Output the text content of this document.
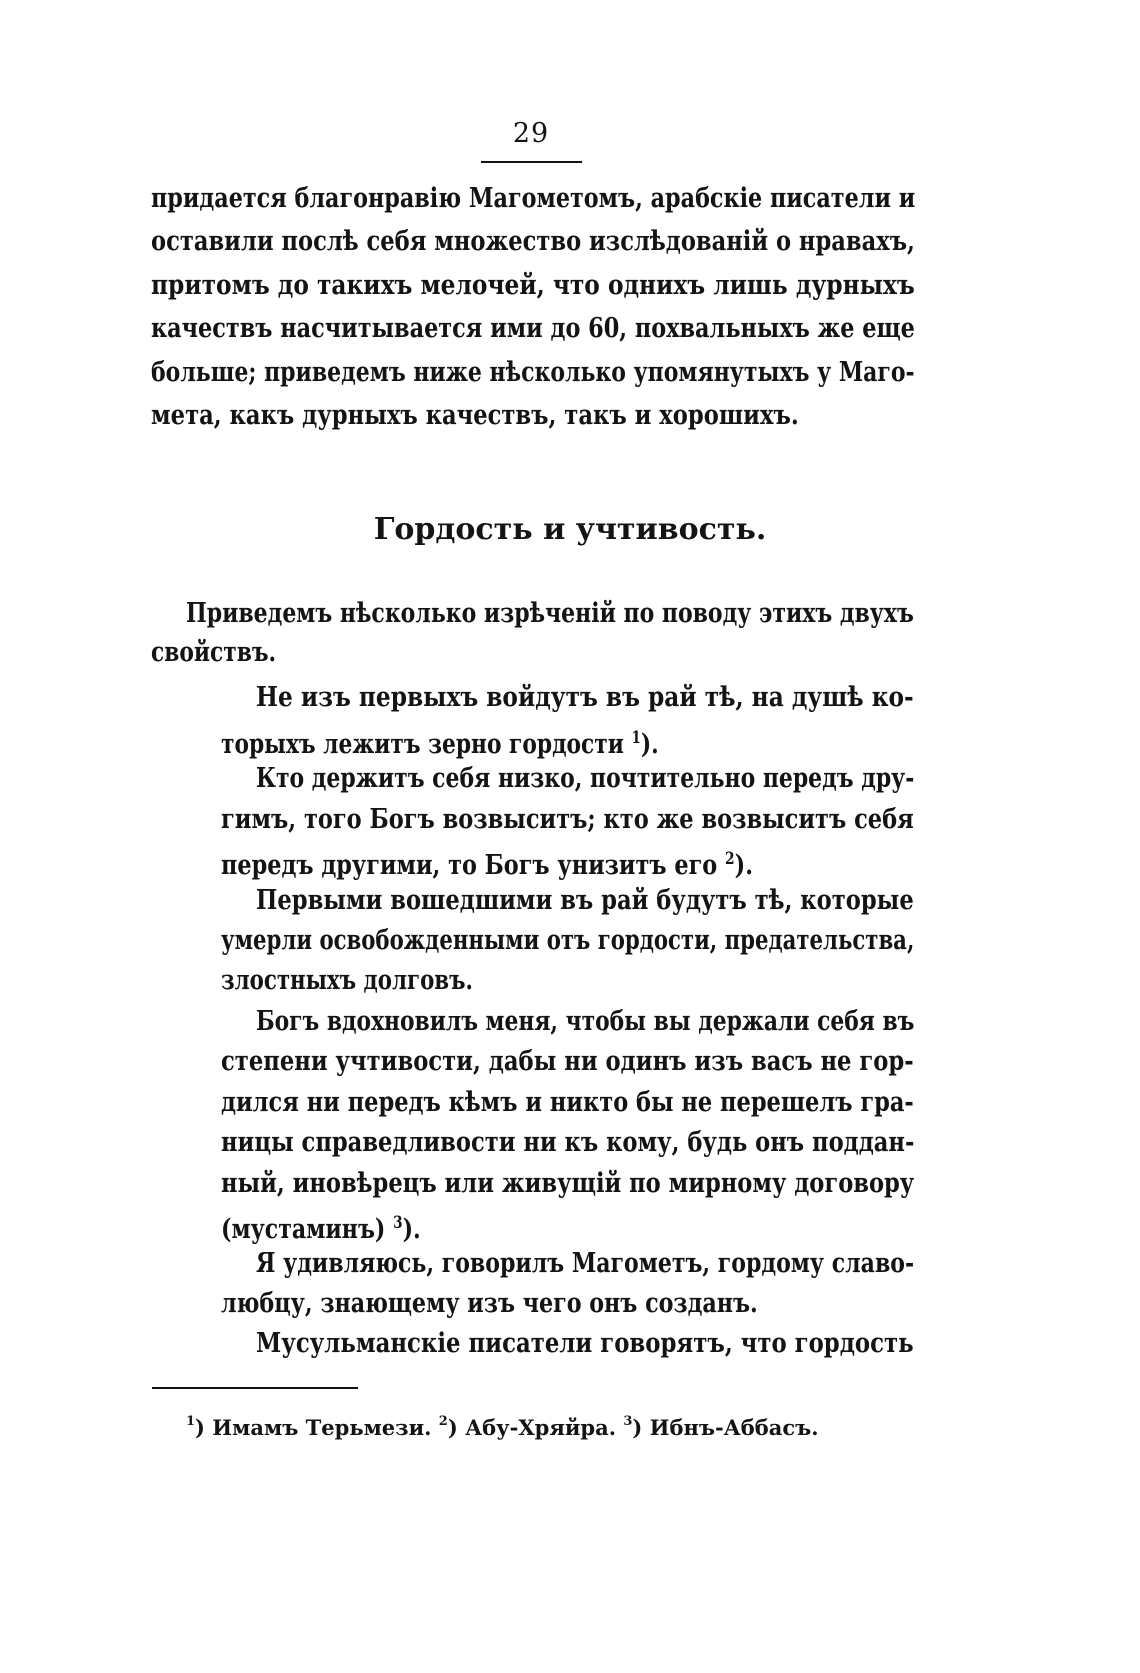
29
придается благонравію Магометомъ, арабскіе писатели и
оставили послѣ себя множество изслѣдованій о нравахъ,
притомъ до такихъ мелочей, что однихъ лишь дурныхъ
качествъ насчитывается ими до 60, похвальныхъ же еще
больше; приведемъ ниже нѣсколько упомянутыхъ у Маго-
мета, какъ дурныхъ качествъ, такъ и хорошихъ.
Гордость и учтивость.
Приведемъ нѣсколько изрѣченій по поводу этихъ двухъ
свойствъ.
Не изъ первыхъ войдутъ въ рай тѣ, на душѣ ко-
торыхъ лежитъ зерно гордости $^1$).
Кто держитъ себя низко, почтительно передъ дру-
гимъ, того Богъ возвыситъ; кто же возвыситъ себя
передъ другими, то Богъ унизитъ его $^2$).
Первыми вошедшими въ рай будутъ тѣ, которые
умерли освобожденными отъ гордости, предательства,
злостныхъ долговъ.
Богъ вдохновилъ меня, чтобы вы держали себя въ
степени учтивости, дабы ни одинъ изъ васъ не гор-
дился ни передъ кѣмъ и никто бы не перешелъ гра-
ницы справедливости ни къ кому, будь онъ поддан-
ный, иновѣрецъ или живущій по мирному договору
(мустаминъ) $^3$).
Я удивляюсь, говорилъ Магометъ, гордому славо-
любцу, знающему изъ чего онъ созданъ.
Мусульманскіе писатели говорятъ, что гордость
$^1$) Имамъ Терьмези. $^2$) Абу-Хряйра. $^3$) Ибнъ-Аббасъ.
